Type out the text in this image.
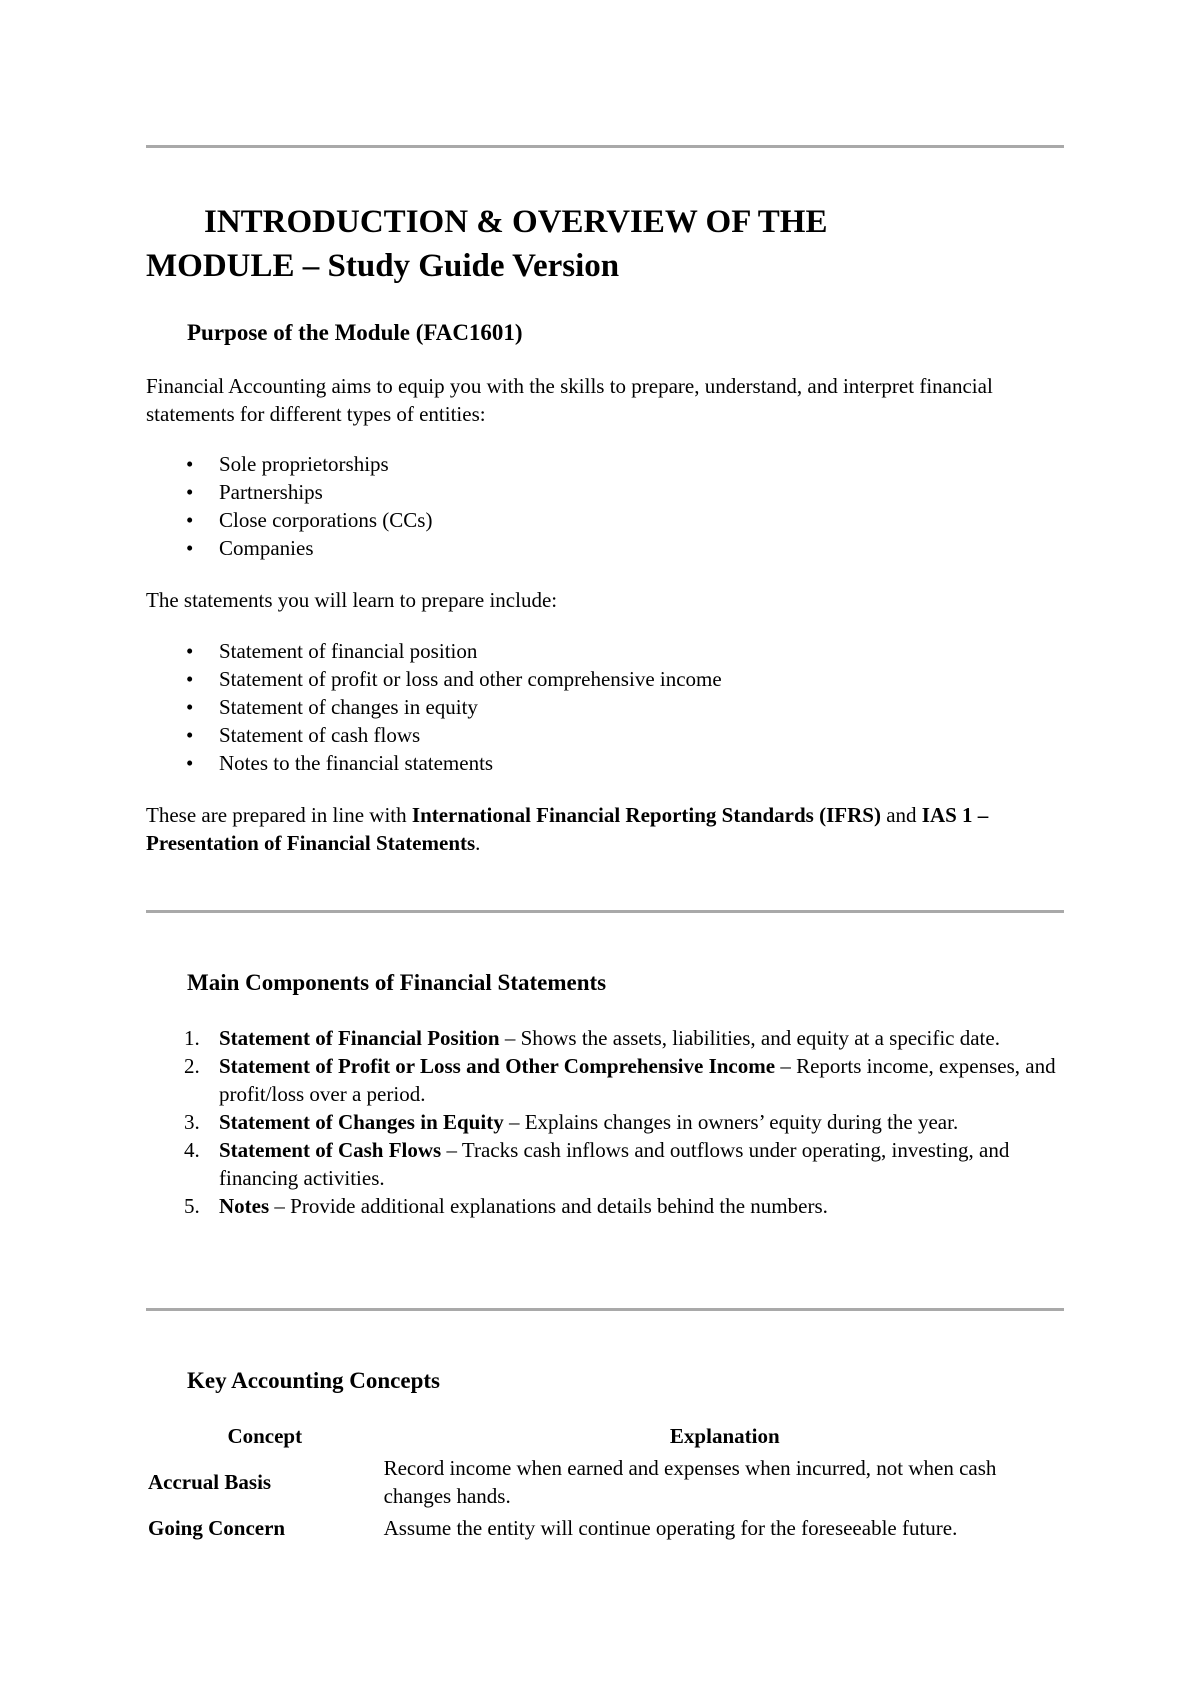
INTRODUCTION & OVERVIEW OF THE
MODULE – Study Guide Version
Purpose of the Module (FAC1601)

Financial Accounting aims to equip you with the skills to prepare, understand, and interpret financial statements for different types of entities:

• Sole proprietorships
• Partnerships
• Close corporations (CCs)
• Companies

The statements you will learn to prepare include:

• Statement of financial position
• Statement of profit or loss and other comprehensive income
• Statement of changes in equity
• Statement of cash flows
• Notes to the financial statements

These are prepared in line with International Financial Reporting Standards (IFRS) and IAS 1 – Presentation of Financial Statements.

Main Components of Financial Statements
1. Statement of Financial Position – Shows the assets, liabilities, and equity at a specific date.
2. Statement of Profit or Loss and Other Comprehensive Income – Reports income, expenses, and profit/loss over a period.
3. Statement of Changes in Equity – Explains changes in owners’ equity during the year.
4. Statement of Cash Flows – Tracks cash inflows and outflows under operating, investing, and financing activities.
5. Notes – Provide additional explanations and details behind the numbers.
Key Accounting Concepts
Concept	Explanation
Accrual Basis	Record income when earned and expenses when incurred, not when cash changes hands.
Going Concern	Assume the entity will continue operating for the foreseeable future.
